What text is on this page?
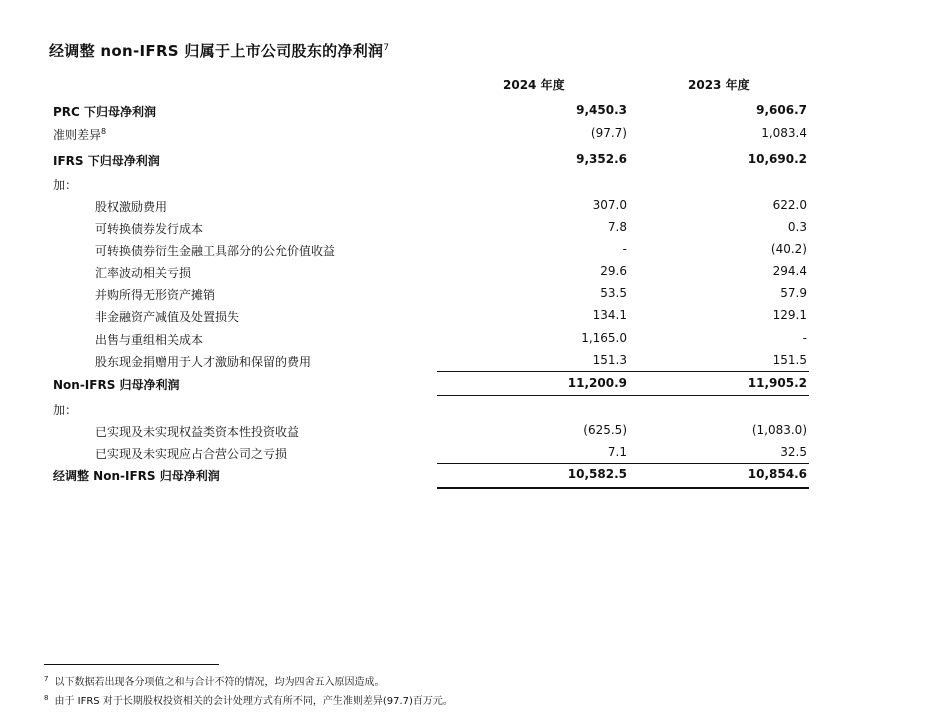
经调整 non-IFRS 归属于上市公司股东的净利润$^7$
2024 年度	2023 年度
PRC 下归母净利润	9,450.3	9,606.7
准则差异$^8$	(97.7)	1,083.4
IFRS 下归母净利润	9,352.6	10,690.2
加：
股权激励费用	307.0	622.0
可转换债券发行成本	7.8	0.3
可转换债券衍生金融工具部分的公允价值收益	-	(40.2)
汇率波动相关亏损	29.6	294.4
并购所得无形资产摊销	53.5	57.9
非金融资产减值及处置损失	134.1	129.1
出售与重组相关成本	1,165.0	-
股东现金捐赠用于人才激励和保留的费用	151.3	151.5
Non-IFRS 归母净利润	11,200.9	11,905.2
加：
已实现及未实现权益类资本性投资收益	(625.5)	(1,083.0)
已实现及未实现应占合营公司之亏损	7.1	32.5
经调整 Non-IFRS 归母净利润	10,582.5	10,854.6
$^7$ 以下数据若出现各分项值之和与合计不符的情况，均为四舍五入原因造成。
$^8$ 由于 IFRS 对于长期股权投资相关的会计处理方式有所不同，产生准则差异(97.7)百万元。
